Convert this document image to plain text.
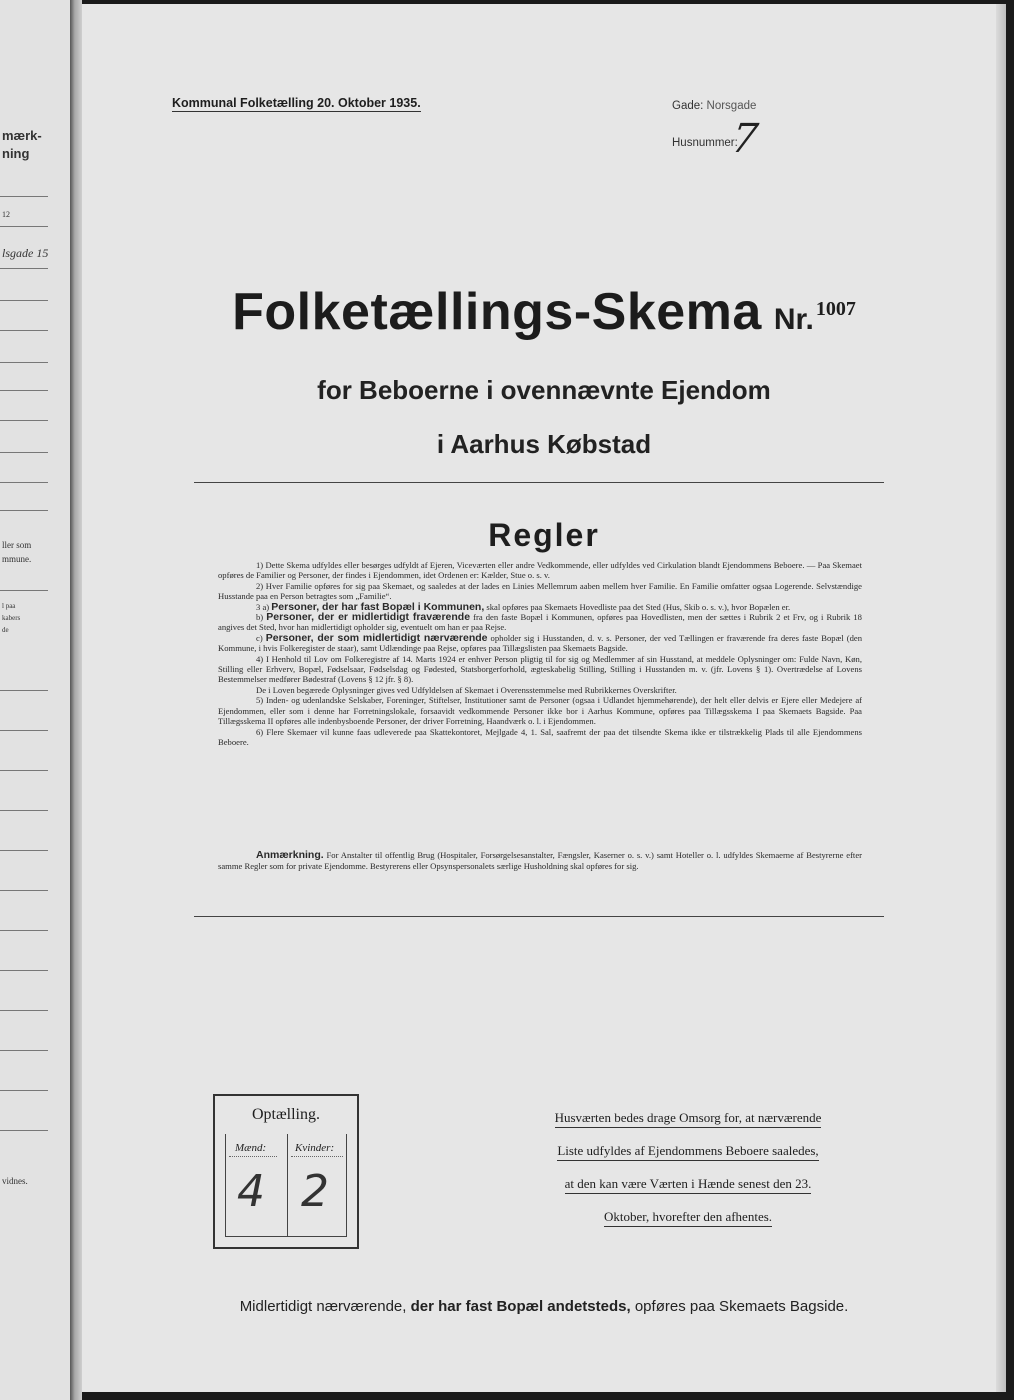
mærk-
ning
12
lsgade 15
ller som
mmune.
l paa
kabers
de
vidnes.
Kommunal Folketælling 20. Oktober 1935.	Gade: Norsgade
Husnummer:
7
Folketællings-Skema Nr. 1007
for Beboerne i ovennævnte Ejendom
i Aarhus Købstad
Regler

1) Dette Skema udfyldes eller besørges udfyldt af Ejeren, Viceværten eller andre Vedkommende, eller udfyldes ved Cirkulation blandt Ejendommens Beboere. — Paa Skemaet opføres de Familier og Personer, der findes i Ejendommen, idet Ordenen er: Kælder, Stue o. s. v.

2) Hver Familie opføres for sig paa Skemaet, og saaledes at der lades en Linies Mellemrum aaben mellem hver Familie. En Familie omfatter ogsaa Logerende. Selvstændige Husstande paa en Person betragtes som „Familie“.

3 a) Personer, der har fast Bopæl i Kommunen, skal opføres paa Skemaets Hovedliste paa det Sted (Hus, Skib o. s. v.), hvor Bopælen er.

b) Personer, der er midlertidigt fraværende fra den faste Bopæl i Kommunen, opføres paa Hovedlisten, men der sættes i Rubrik 2 et Frv, og i Rubrik 18 angives det Sted, hvor han midlertidigt opholder sig, eventuelt om han er paa Rejse.

c) Personer, der som midlertidigt nærværende opholder sig i Husstanden, d. v. s. Personer, der ved Tællingen er fraværende fra deres faste Bopæl (den Kommune, i hvis Folkeregister de staar), samt Udlændinge paa Rejse, opføres paa Tillægslisten paa Skemaets Bagside.

4) I Henhold til Lov om Folkeregistre af 14. Marts 1924 er enhver Person pligtig til for sig og Medlemmer af sin Husstand, at meddele Oplysninger om: Fulde Navn, Køn, Stilling eller Erhverv, Bopæl, Fødselsaar, Fødselsdag og Fødested, Statsborgerforhold, ægteskabelig Stilling, Stilling i Husstanden m. v. (jfr. Lovens § 1). Overtrædelse af Lovens Bestemmelser medfører Bødestraf (Lovens § 12 jfr. § 8).

De i Loven begærede Oplysninger gives ved Udfyldelsen af Skemaet i Overensstemmelse med Rubrikkernes Overskrifter.

5) Inden- og udenlandske Selskaber, Foreninger, Stiftelser, Institutioner samt de Personer (ogsaa i Udlandet hjemmehørende), der helt eller delvis er Ejere eller Medejere af Ejendommen, eller som i denne har Forretningslokale, forsaavidt vedkommende Personer ikke bor i Aarhus Kommune, opføres paa Tillægsskema I paa Skemaets Bagside. Paa Tillægsskema II opføres alle indenbysboende Personer, der driver Forretning, Haandværk o. l. i Ejendommen.

6) Flere Skemaer vil kunne faas udleverede paa Skattekontoret, Mejlgade 4, 1. Sal, saafremt der paa det tilsendte Skema ikke er tilstrækkelig Plads til alle Ejendommens Beboere.

Anmærkning. For Anstalter til offentlig Brug (Hospitaler, Forsørgelsesanstalter, Fængsler, Kaserner o. s. v.) samt Hoteller o. l. udfyldes Skemaerne af Bestyrerne efter samme Regler som for private Ejendomme. Bestyrerens eller Opsynspersonalets særlige Husholdning skal opføres for sig.
Optælling.
Mænd:	Kvinder:
4 2
Husværten bedes drage Omsorg for, at nærværende
Liste udfyldes af Ejendommens Beboere saaledes,
at den kan være Værten i Hænde senest den 23.
Oktober, hvorefter den afhentes.
Midlertidigt nærværende, der har fast Bopæl andetsteds, opføres paa Skemaets Bagside.
